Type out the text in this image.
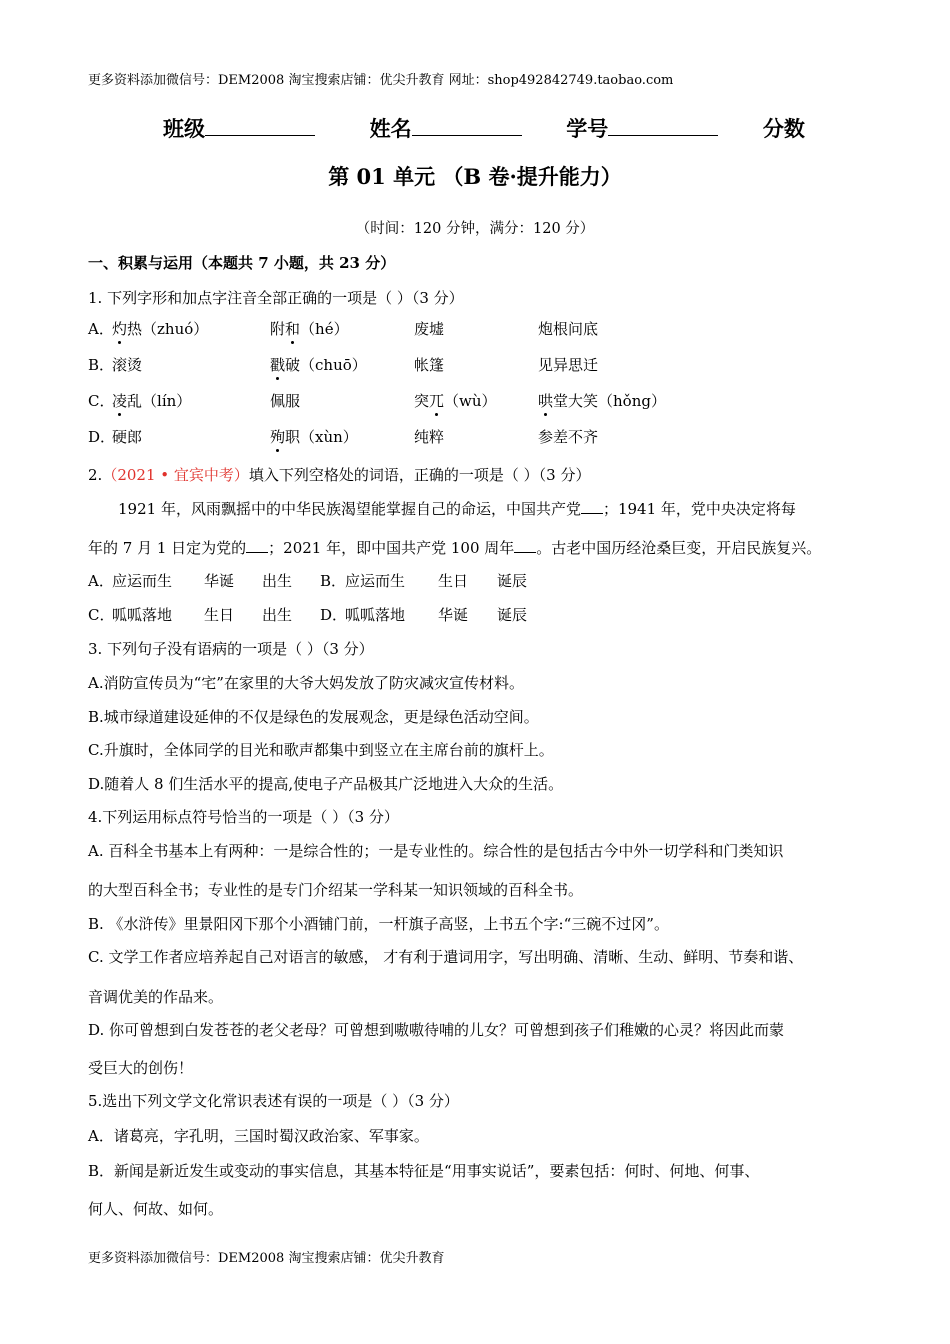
更多资料添加微信号：DEM2008 淘宝搜索店铺：优尖升教育 网址：shop492842749.taobao.com
班级	姓名	学号	分数
第 01 单元 （B 卷·提升能力）
（时间：120 分钟，满分：120 分）
一、积累与运用（本题共 7 小题，共 23 分）
1. 下列字形和加点字注音全部正确的一项是（ ）（3 分）
A．
灼热（zhuó）	附和（hé）	废墟	炮根问底
B．
滚烫	戳破（chuō）	帐篷	见异思迁
C．
凌乱（lín）	佩服	突兀（wù）	哄堂大笑（hǒng）
D．
硬郎	殉职（xùn）	纯粹	参差不齐
2.（2021 • 宜宾中考）填入下列空格处的词语，正确的一项是（ ）（3 分）
1921 年，风雨飘摇中的中华民族渴望能掌握自己的命运，中国共产党 ；1941 年，党中央决定将每
年的 7 月 1 日定为党的 ；2021 年，即中国共产党 100 周年 。古老中国历经沧桑巨变，开启民族复兴。
A．
应运而生 华诞 出生 B．
应运而生 生日 诞辰
C．
呱呱落地 生日 出生 D．
呱呱落地 华诞 诞辰
3. 下列句子没有语病的一项是（ ）（3 分）
A.消防宣传员为“宅”在家里的大爷大妈发放了防灾减灾宣传材料。
B.城市绿道建设延伸的不仅是绿色的发展观念，更是绿色活动空间。
C.升旗时，全体同学的目光和歌声都集中到竖立在主席台前的旗杆上。
D.随着人 8 们生活水平的提高,使电子产品极其广泛地进入大众的生活。
4.下列运用标点符号恰当的一项是（ ）（3 分）
A. 百科全书基本上有两种：一是综合性的；一是专业性的。综合性的是包括古今中外一切学科和门类知识
的大型百科全书；专业性的是专门介绍某一学科某一知识领域的百科全书。
B. 《水浒传》里景阳冈下那个小酒铺门前，一杆旗子高竖，上书五个字:“三碗不过冈”。
C. 文学工作者应培养起自己对语言的敏感， 才有利于遣词用字，写出明确、清晰、生动、鲜明、节奏和谐、
音调优美的作品来。
D. 你可曾想到白发苍苍的老父老母？可曾想到嗷嗷待哺的儿女？可曾想到孩子们稚嫩的心灵？将因此而蒙
受巨大的创伤！
5.选出下列文学文化常识表述有误的一项是（ ）（3 分）
A．诸葛亮，字孔明，三国时蜀汉政治家、军事家。
B．新闻是新近发生或变动的事实信息，其基本特征是“用事实说话”，要素包括：何时、何地、何事、
何人、何故、如何。
更多资料添加微信号：DEM2008 淘宝搜索店铺：优尖升教育
